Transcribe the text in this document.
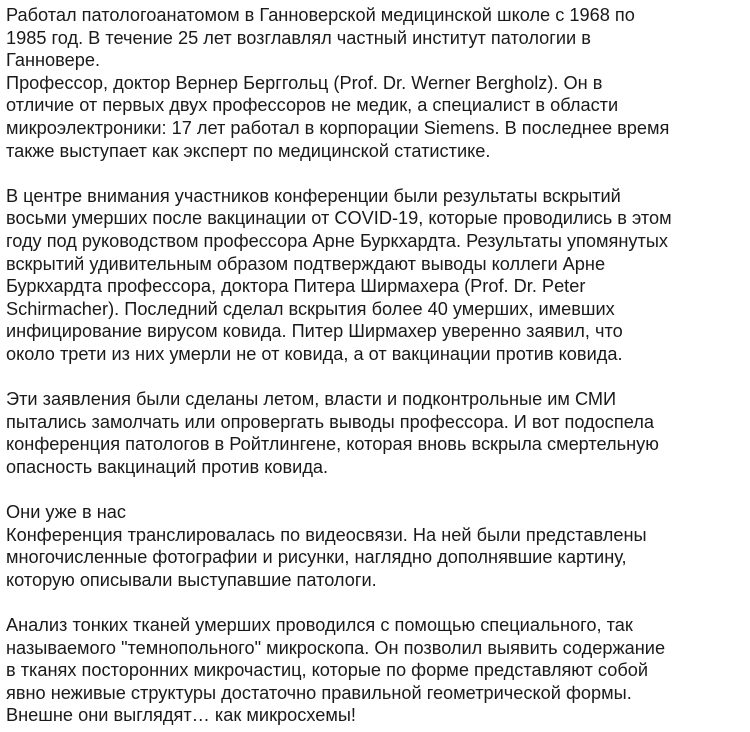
Работал патологоанатомом в Ганноверской медицинской школе с 1968 по
1985 год. В течение 25 лет возглавлял частный институт патологии в
Ганновере.
Профессор, доктор Вернер Берггольц (Prof. Dr. Werner Bergholz). Он в
отличие от первых двух профессоров не медик, а специалист в области
микроэлектроники: 17 лет работал в корпорации Siemens. В последнее время
также выступает как эксперт по медицинской статистике.

В центре внимания участников конференции были результаты вскрытий
восьми умерших после вакцинации от COVID-19, которые проводились в этом
году под руководством профессора Арне Буркхардта. Результаты упомянутых
вскрытий удивительным образом подтверждают выводы коллеги Арне
Буркхардта профессора, доктора Питера Ширмахера (Prof. Dr. Peter
Schirmacher). Последний сделал вскрытия более 40 умерших, имевших
инфицирование вирусом ковида. Питер Ширмахер уверенно заявил, что
около трети из них умерли не от ковида, а от вакцинации против ковида.

Эти заявления были сделаны летом, власти и подконтрольные им СМИ
пытались замолчать или опровергать выводы профессора. И вот подоспела
конференция патологов в Ройтлингене, которая вновь вскрыла смертельную
опасность вакцинаций против ковида.

Они уже в нас
Конференция транслировалась по видеосвязи. На ней были представлены
многочисленные фотографии и рисунки, наглядно дополнявшие картину,
которую описывали выступавшие патологи.

Анализ тонких тканей умерших проводился с помощью специального, так
называемого "темнопольного" микроскопа. Он позволил выявить содержание
в тканях посторонних микрочастиц, которые по форме представляют собой
явно неживые структуры достаточно правильной геометрической формы.
Внешне они выглядят… как микросхемы!
